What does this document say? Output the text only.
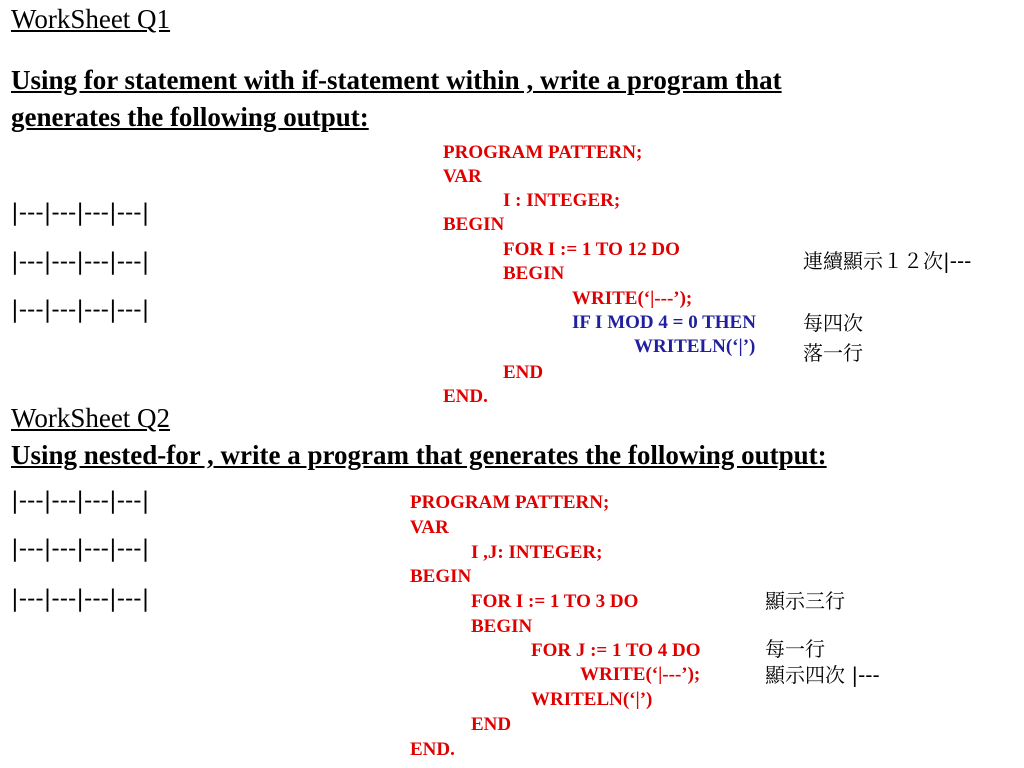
WorkSheet Q1
Using for statement with if-statement within , write a program that
generates the following output:
|---|---|---|---|
|---|---|---|---|
|---|---|---|---|
PROGRAM PATTERN;
VAR
I : INTEGER;
BEGIN
FOR I := 1 TO 12 DO
BEGIN
WRITE(‘|---’);
IF I MOD 4 = 0 THEN
WRITELN(‘|’)
END
END.
連續顯示１２次|---
每四次
落一行
WorkSheet Q2
Using nested-for , write a program that generates the following output:
|---|---|---|---|
|---|---|---|---|
|---|---|---|---|
PROGRAM PATTERN;
VAR
I ,J: INTEGER;
BEGIN
FOR I := 1 TO 3 DO
BEGIN
FOR J := 1 TO 4 DO
WRITE(‘|---’);
WRITELN(‘|’)
END
END.
顯示三行
每一行
顯示四次 |---
